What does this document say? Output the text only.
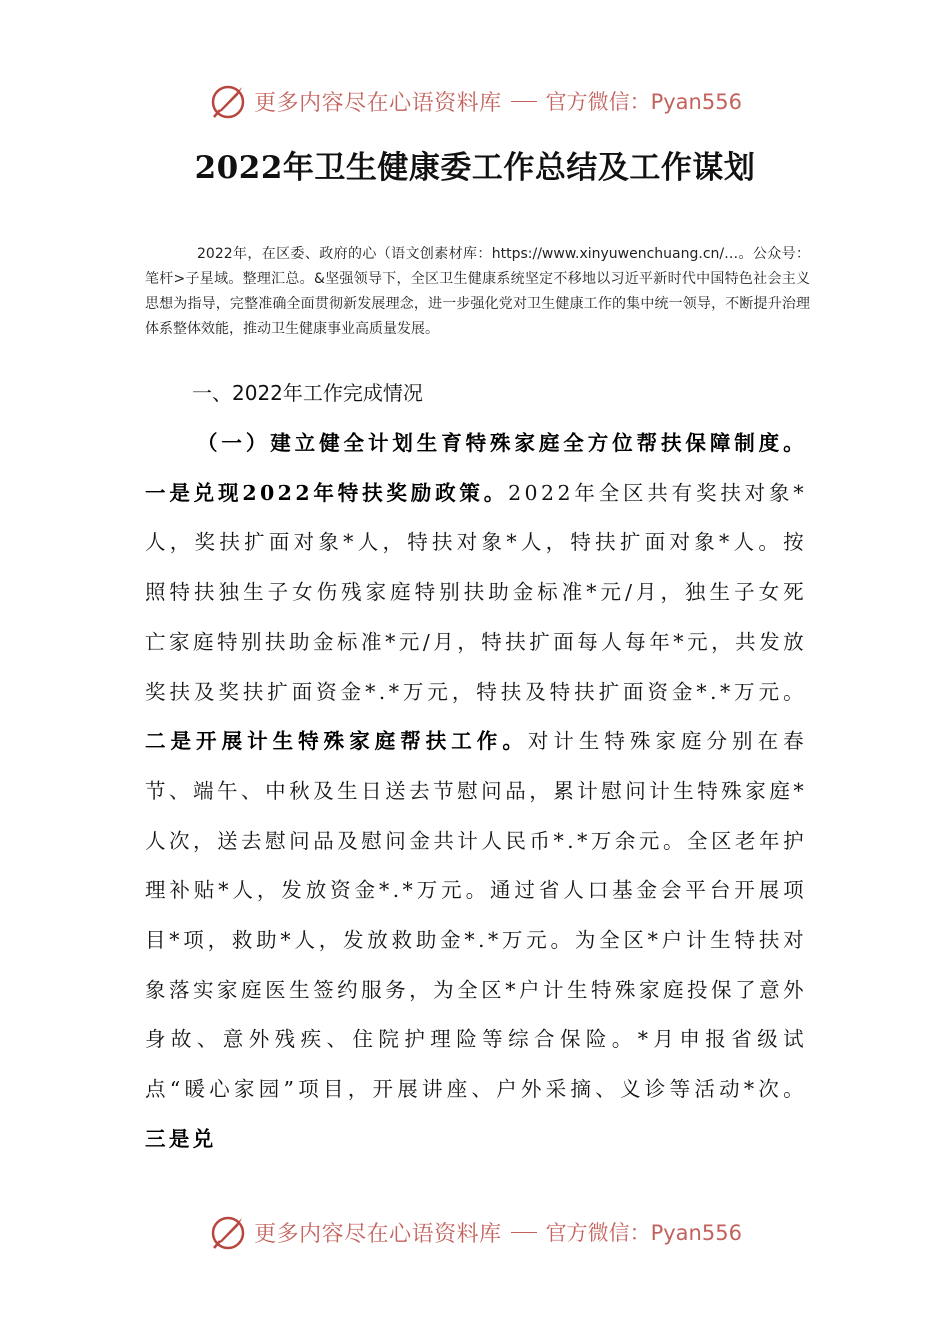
更多内容尽在心语资料库 官方微信：Pyan556
2022年卫生健康委工作总结及工作谋划

2022年，在区委、政府的心（语文创素材库：https://www.xinyuwenchuang.cn/…。公众号：笔杆>子星域。整理汇总。&坚强领导下，全区卫生健康系统坚定不移地以习近平新时代中国特色社会主义思想为指导，完整准确全面贯彻新发展理念，进一步强化党对卫生健康工作的集中统一领导，不断提升治理体系整体效能，推动卫生健康事业高质量发展。

一、2022年工作完成情况

（一）建立健全计划生育特殊家庭全方位帮扶保障制度。一是兑现2022年特扶奖励政策。2022年全区共有奖扶对象*人，奖扶扩面对象*人，特扶对象*人，特扶扩面对象*人。按照特扶独生子女伤残家庭特别扶助金标准*元/月，独生子女死亡家庭特别扶助金标准*元/月，特扶扩面每人每年*元，共发放奖扶及奖扶扩面资金*.*万元，特扶及特扶扩面资金*.*万元。二是开展计生特殊家庭帮扶工作。对计生特殊家庭分别在春节、端午、中秋及生日送去节慰问品，累计慰问计生特殊家庭*人次，送去慰问品及慰问金共计人民币*.*万余元。全区老年护理补贴*人，发放资金*.*万元。通过省人口基金会平台开展项目*项，救助*人，发放救助金*.*万元。为全区*户计生特扶对象落实家庭医生签约服务，为全区*户计生特殊家庭投保了意外身故、意外残疾、住院护理险等综合保险。*月申报省级试点“暖心家园”项目，开展讲座、户外采摘、义诊等活动*次。三是兑

更多内容尽在心语资料库 官方微信：Pyan556
